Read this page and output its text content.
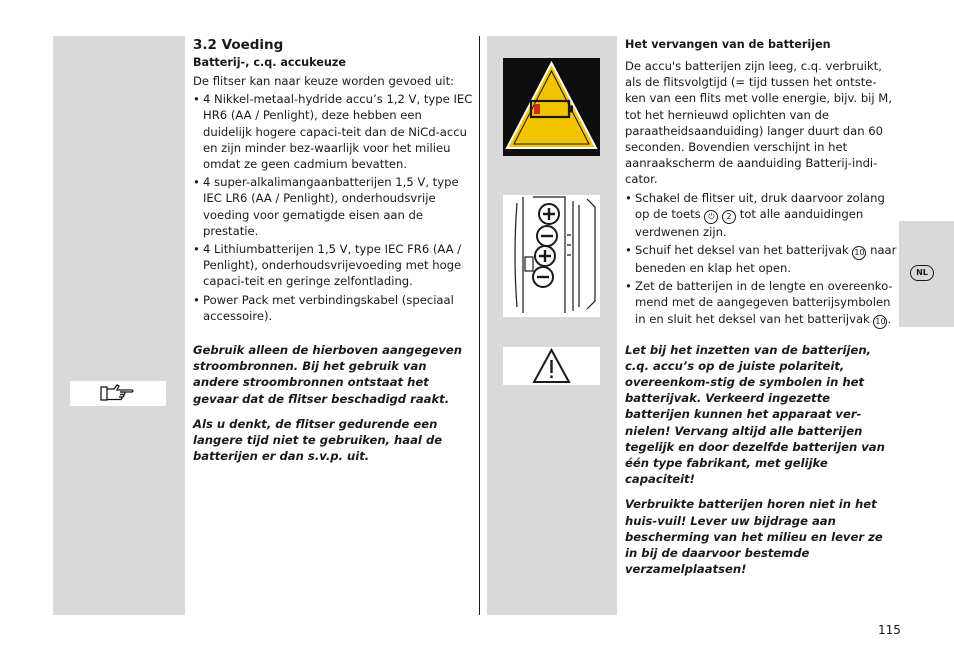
NL
3.2 Voeding
Batterij-, c.q. accukeuze

De flitser kan naar keuze worden gevoed uit:

• 4 Nikkel-metaal-hydride accu’s 1,2 V, type IEC HR6 (AA / Penlight), deze hebben een duidelijk hogere capaci-teit dan de NiCd-accu en zijn minder bez-waarlijk voor het milieu omdat ze geen cadmium bevatten.
• 4 super-alkalimangaanbatterijen 1,5 V, type IEC LR6 (AA / Penlight), onderhoudsvrije voeding voor gematigde eisen aan de prestatie.
• 4 Lithiumbatterijen 1,5 V, type IEC FR6 (AA / Penlight), onderhoudsvrijevoeding met hoge capaci-teit en geringe zelfontlading.
• Power Pack met verbindingskabel (speciaal accessoire).

Gebruik alleen de hierboven aangegeven stroombronnen. Bij het gebruik van andere stroombronnen ontstaat het gevaar dat de flitser beschadigd raakt.

Als u denkt, de flitser gedurende een langere tijd niet te gebruiken, haal de batterijen er dan s.v.p. uit.

Het vervangen van de batterijen

De accu's batterijen zijn leeg, c.q. verbruikt, als de flitsvolgtijd (= tijd tussen het ontste-ken van een flits met volle energie, bijv. bij M, tot het hernieuwd oplichten van de paraatheidsaanduiding) langer duurt dan 60 seconden. Bovendien verschijnt in het aanraakscherm de aanduiding Batterij-indi-cator.

• Schakel de flitser uit, druk daarvoor zolang op de toets ⏻ 2 tot alle aanduidingen verdwenen zijn.
• Schuif het deksel van het batterijvak 10 naar beneden en klap het open.
• Zet de batterijen in de lengte en overeenko-mend met de aangegeven batterijsymbolen in en sluit het deksel van het batterijvak 10 .

Let bij het inzetten van de batterijen, c.q. accu’s op de juiste polariteit, overeenkom-stig de symbolen in het batterijvak. Verkeerd ingezette batterijen kunnen het apparaat ver-nielen! Vervang altijd alle batterijen tegelijk en door dezelfde batterijen van één type fabrikant, met gelijke capaciteit!

Verbruikte batterijen horen niet in het huis-vuil! Lever uw bijdrage aan bescherming van het milieu en lever ze in bij de daarvoor bestemde verzamelplaatsen!

115
